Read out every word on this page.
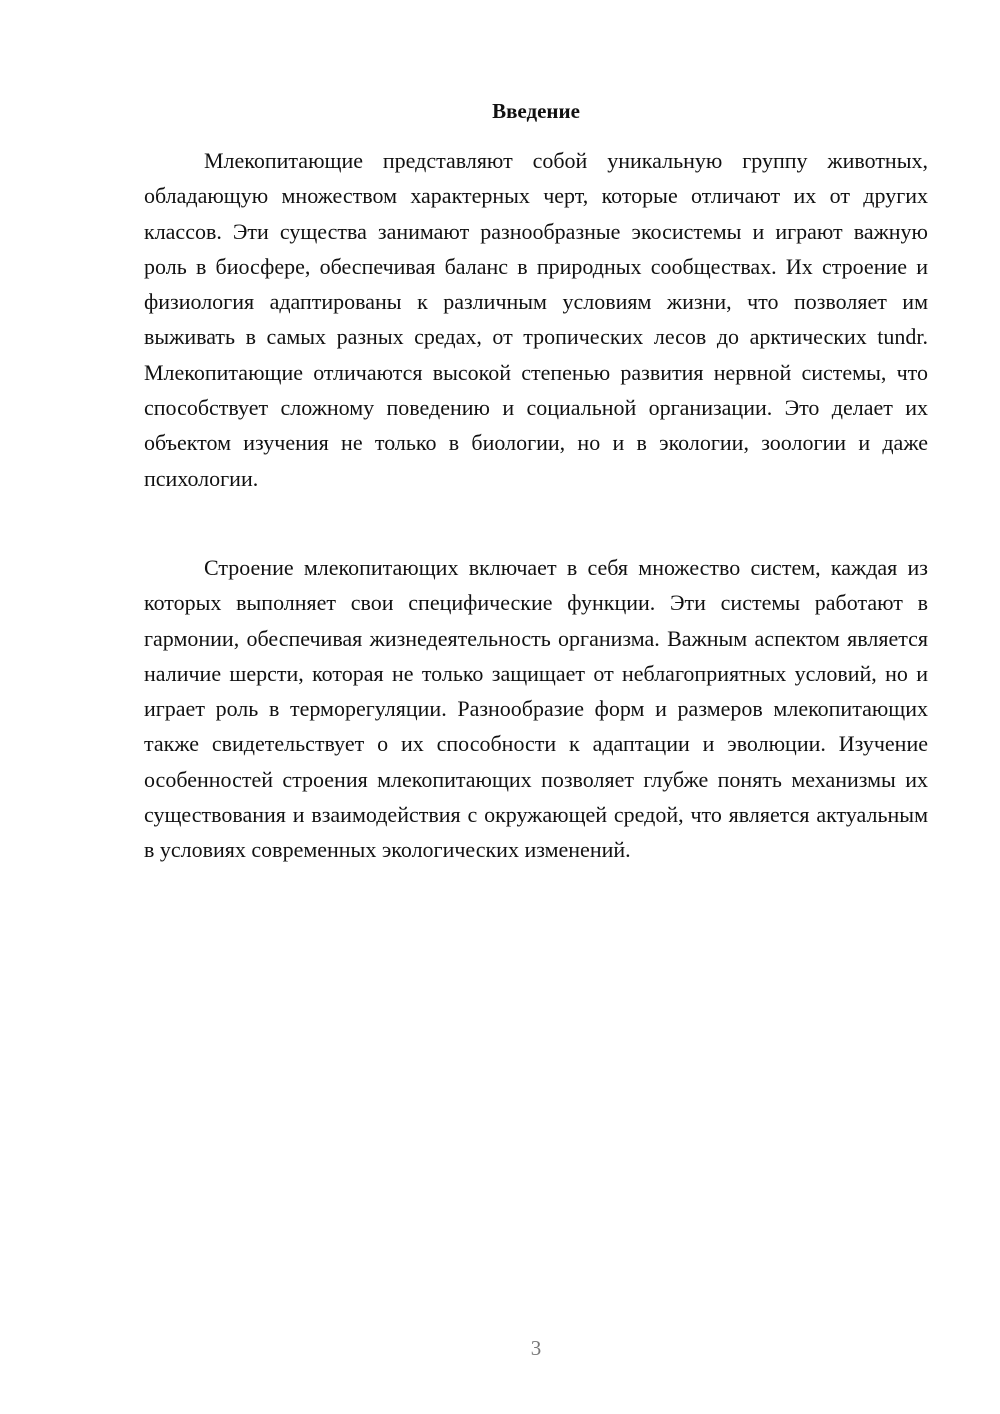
Введение

Млекопитающие представляют собой уникальную группу животных, обладающую множеством характерных черт, которые отличают их от других классов. Эти существа занимают разнообразные экосистемы и играют важную роль в биосфере, обеспечивая баланс в природных сообществах. Их строение и физиология адаптированы к различным условиям жизни, что позволяет им выживать в самых разных средах, от тропических лесов до арктических tundr. Млекопитающие отличаются высокой степенью развития нервной системы, что способствует сложному поведению и социальной организации. Это делает их объектом изучения не только в биологии, но и в экологии, зоологии и даже психологии.

Строение млекопитающих включает в себя множество систем, каждая из которых выполняет свои специфические функции. Эти системы работают в гармонии, обеспечивая жизнедеятельность организма. Важным аспектом является наличие шерсти, которая не только защищает от неблагоприятных условий, но и играет роль в терморегуляции. Разнообразие форм и размеров млекопитающих также свидетельствует о их способности к адаптации и эволюции. Изучение особенностей строения млекопитающих позволяет глубже понять механизмы их существования и взаимодействия с окружающей средой, что является актуальным в условиях современных экологических изменений.

3
